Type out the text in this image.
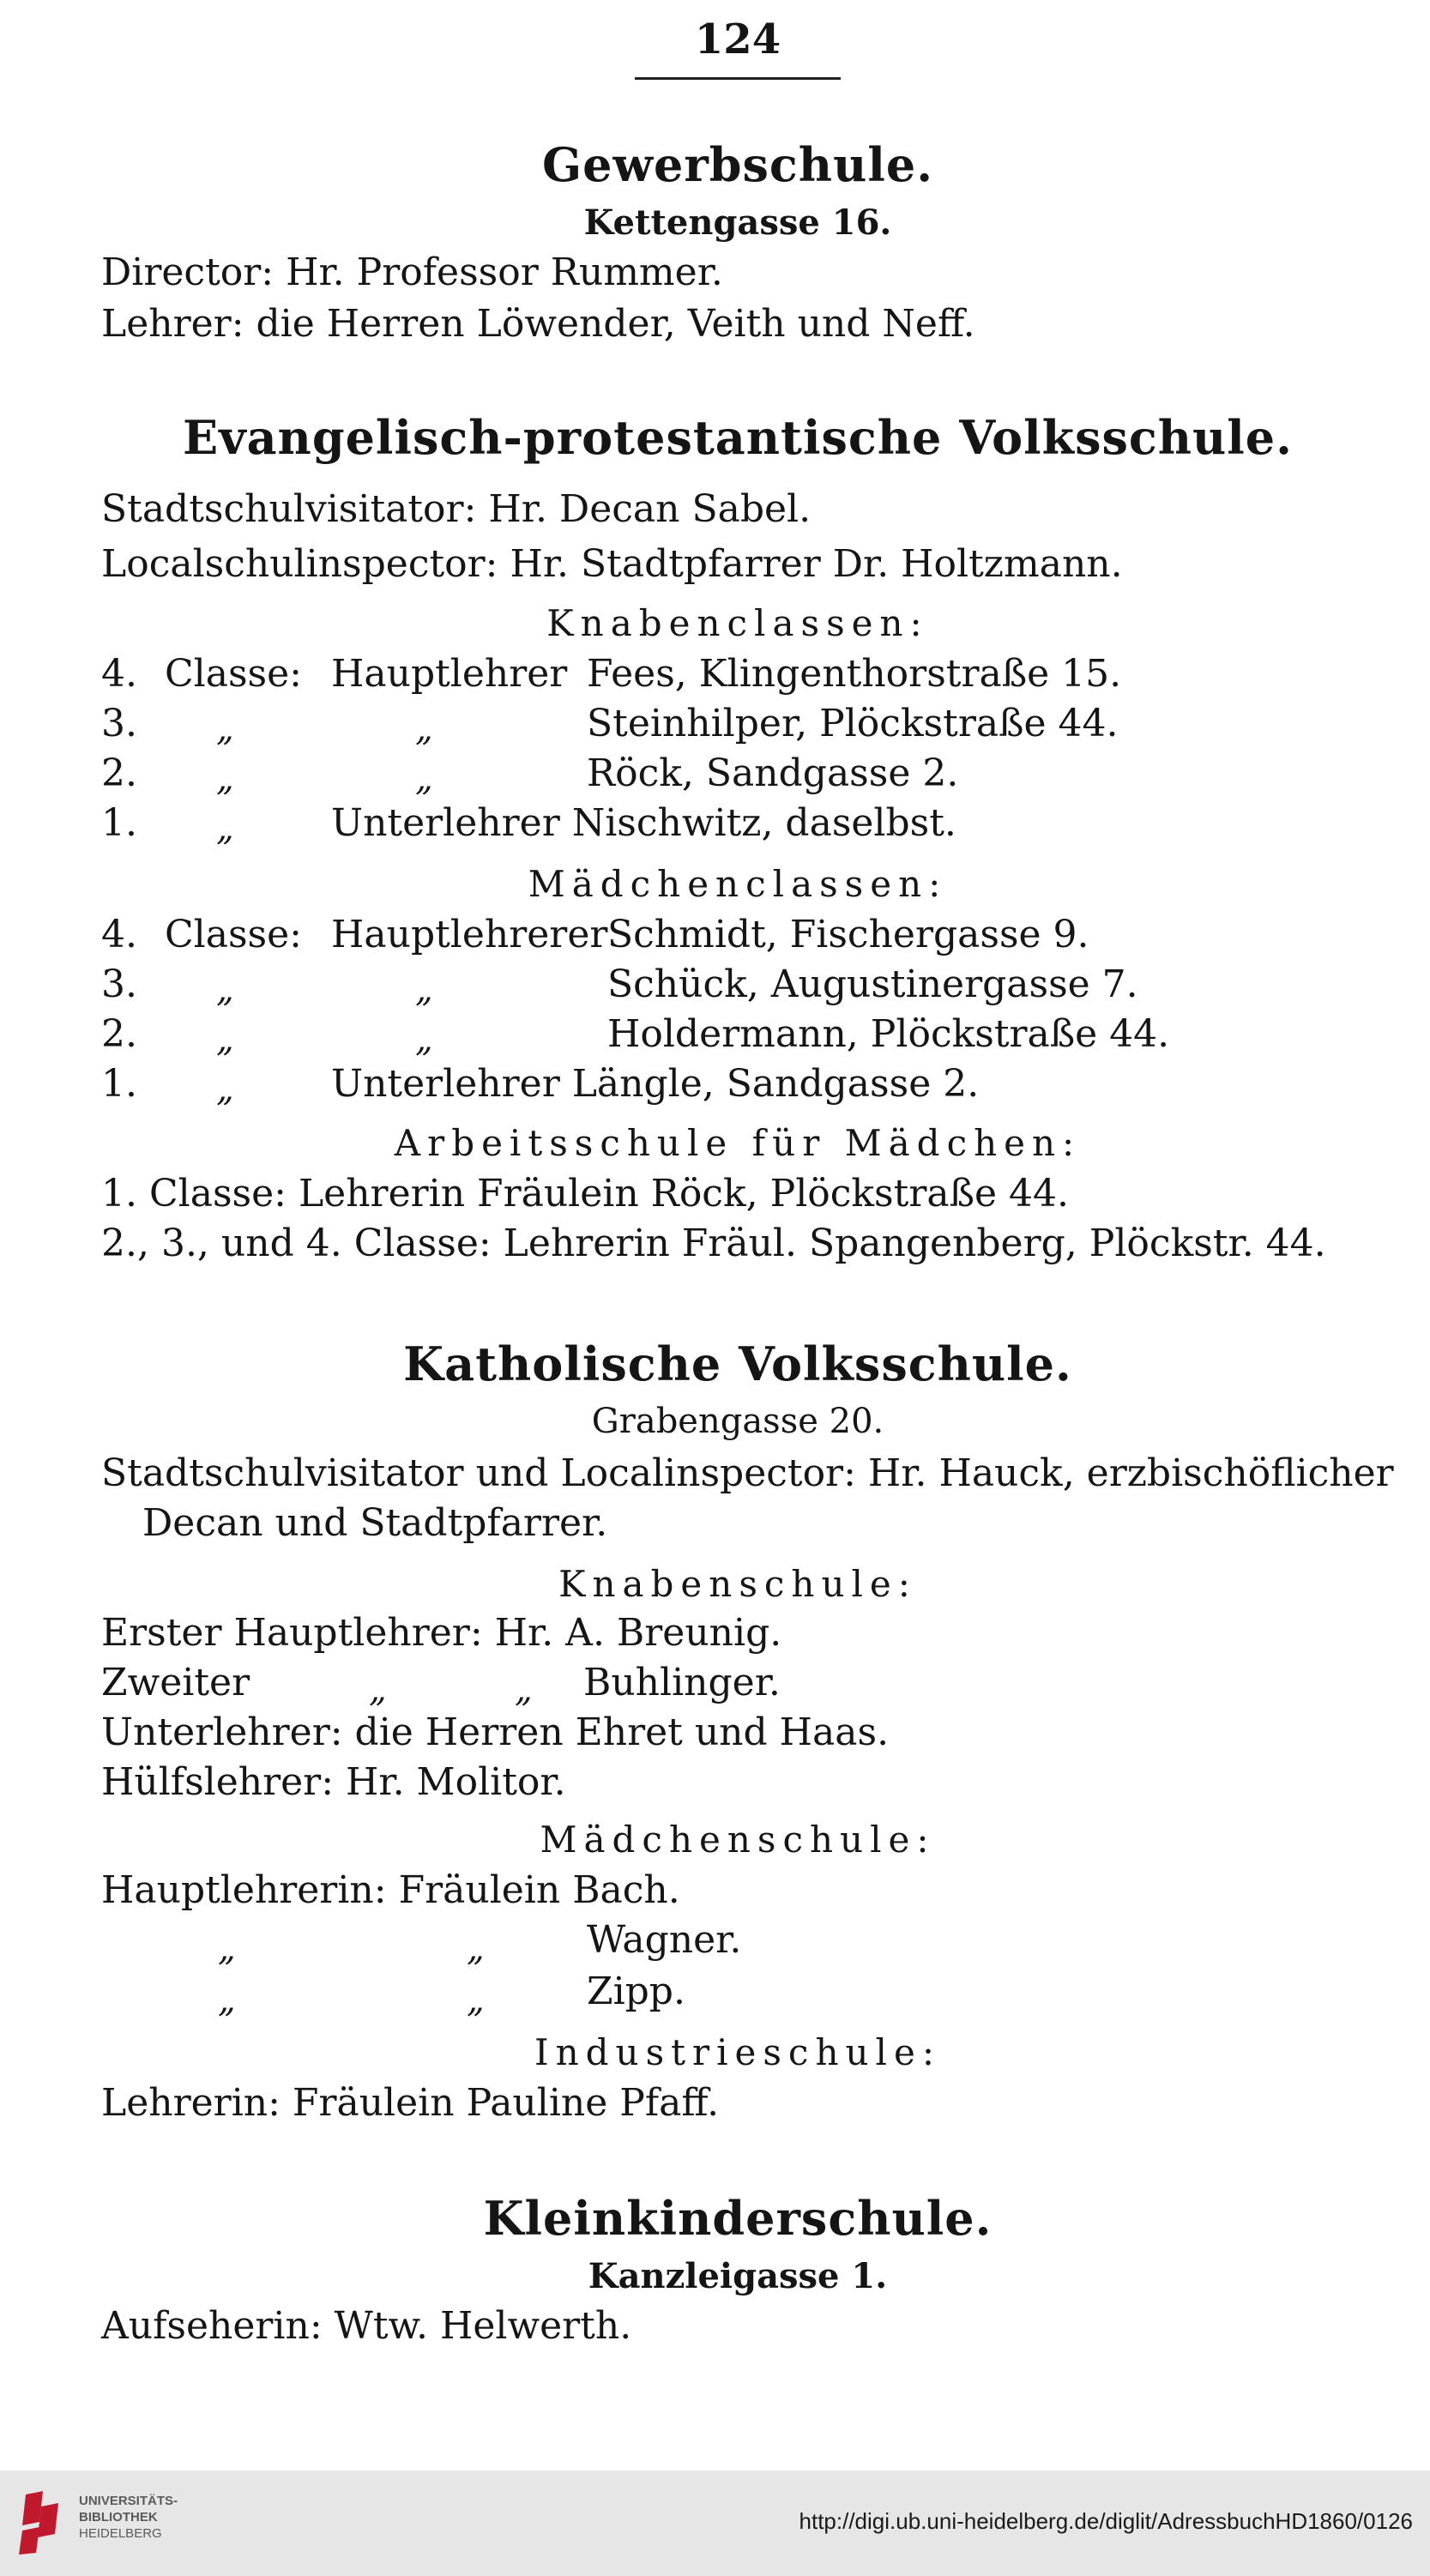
124
Gewerbschule.
Kettengasse 16.
Director: Hr. Professor Rummer.
Lehrer: die Herren Löwender, Veith und Neff.
Evangelisch-protestantische Volksschule.
Stadtschulvisitator: Hr. Decan Sabel.
Localschulinspector: Hr. Stadtpfarrer Dr. Holtzmann.
Knabenclassen:
4. Classe: Hauptlehrer Fees, Klingenthorstraße 15.
3. „	„	Steinhilper, Plöckstraße 44.
2. „	„	Röck, Sandgasse 2.
1. „	Unterlehrer Nischwitz, daselbst.
Mädchenclassen:
4. Classe: Hauptlehrerer Schmidt, Fischergasse 9.
3. „	„	Schück, Augustinergasse 7.
2. „	„	Holdermann, Plöckstraße 44.
1. „	Unterlehrer Längle, Sandgasse 2.
Arbeitsschule für Mädchen:
1. Classe: Lehrerin Fräulein Röck, Plöckstraße 44.
2., 3., und 4. Classe: Lehrerin Fräul. Spangenberg, Plöckstr. 44.
Katholische Volksschule.
Grabengasse 20.
Stadtschulvisitator und Localinspector: Hr. Hauck, erzbischöflicher
Decan und Stadtpfarrer.
Knabenschule:
Erster Hauptlehrer: Hr. A. Breunig.
Zweiter	„	„ Buhlinger.
Unterlehrer: die Herren Ehret und Haas.
Hülfslehrer: Hr. Molitor.
Mädchenschule:
Hauptlehrerin: Fräulein Bach.
„	„	Wagner.
„	„	Zipp.
Industrieschule:
Lehrerin: Fräulein Pauline Pfaff.
Kleinkinderschule.
Kanzleigasse 1.
Aufseherin: Wtw. Helwerth.
UNIVERSITÄTS-
BIBLIOTHEK
HEIDELBERG	http://digi.ub.uni-heidelberg.de/diglit/AdressbuchHD1860/0126
